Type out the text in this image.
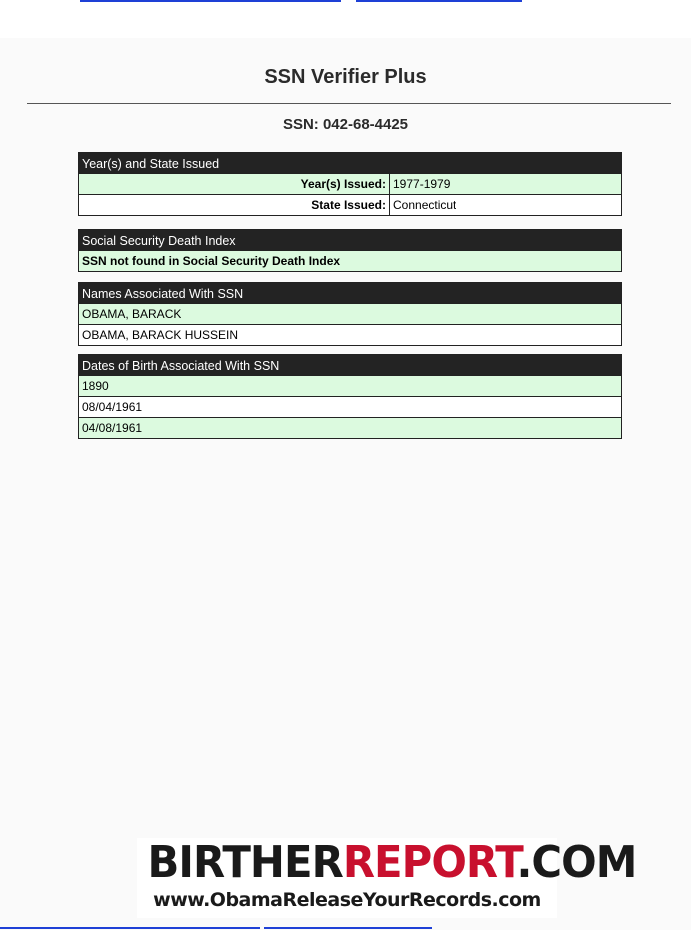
SSN Verifier Plus
SSN: 042-68-4425
Year(s) and State Issued
Year(s) Issued: 1977-1979
State Issued: Connecticut
Social Security Death Index
SSN not found in Social Security Death Index
Names Associated With SSN
OBAMA, BARACK
OBAMA, BARACK HUSSEIN
Dates of Birth Associated With SSN
1890
08/04/1961
04/08/1961
BIRTHERREPORT.COM
www.ObamaReleaseYourRecords.com
